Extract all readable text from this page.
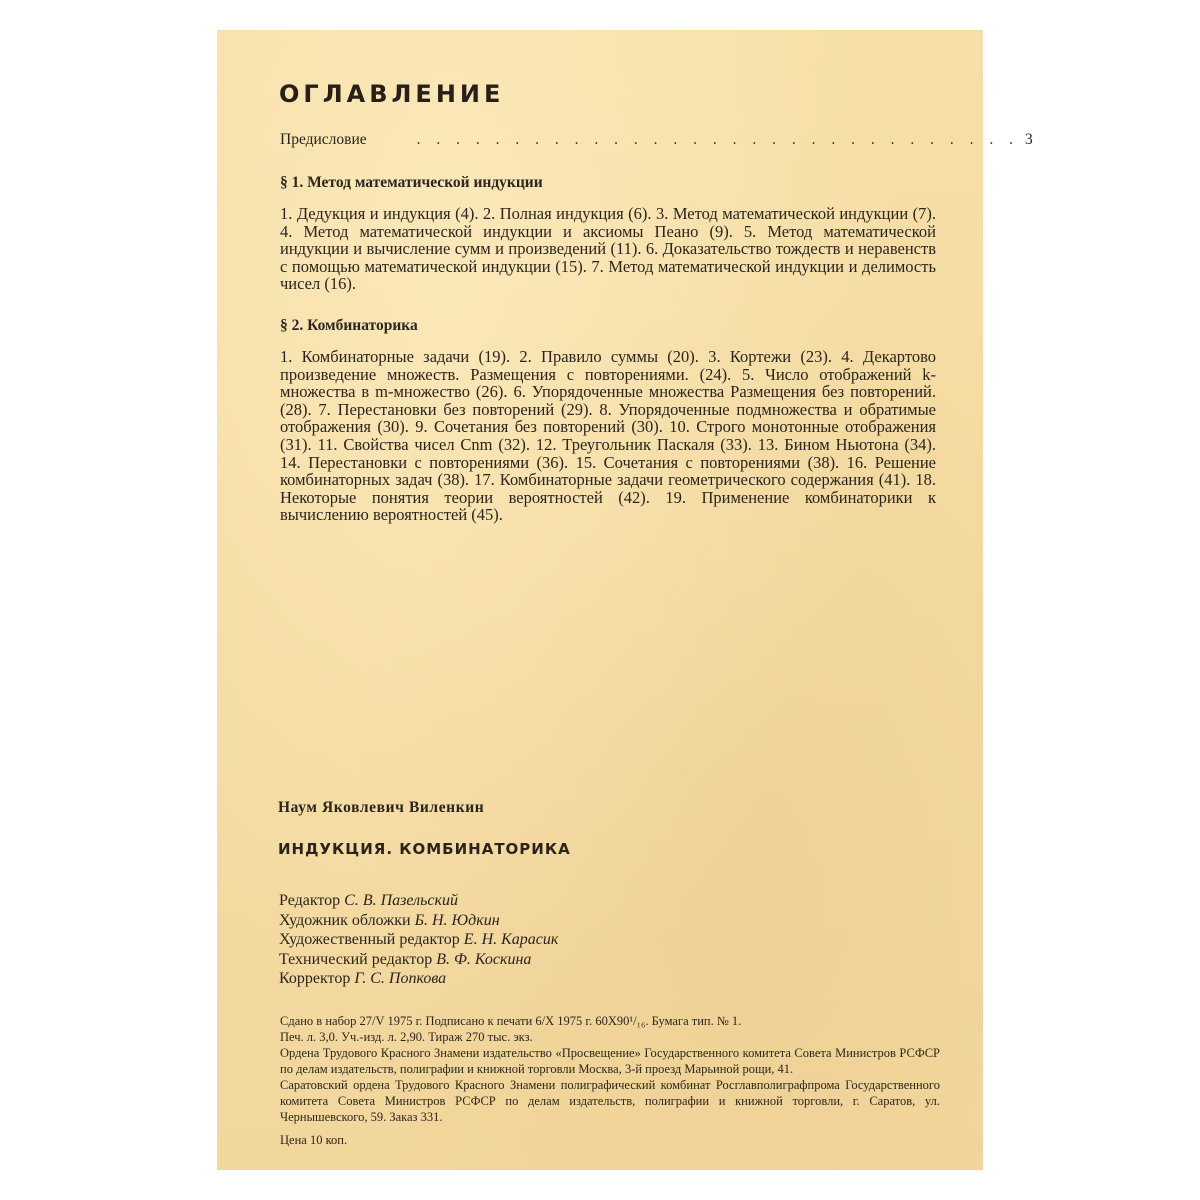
ОГЛАВЛЕНИЕ
Предисловие	. . . . . . . . . . . . . . . . . . . . . . . . . . . . . . . 3
§ 1. Метод математической индукции
1. Дедукция и индукция (4). 2. Полная индукция (6). 3. Метод математической индукции (7). 4. Метод математической индукции и аксиомы Пеано (9). 5. Метод математической индукции и вычисление сумм и произведений (11). 6. Доказательство тождеств и неравенств с помощью математической индукции (15). 7. Метод математической индукции и делимость чисел (16).
§ 2. Комбинаторика
1. Комбинаторные задачи (19). 2. Правило суммы (20). 3. Кортежи (23). 4. Декартово произведение множеств. Размещения с повторениями. (24). 5. Число отображений k-множества в m-множество (26). 6. Упорядоченные множества Размещения без повторений. (28). 7. Перестановки без повторений (29). 8. Упорядоченные подмножества и обратимые отображения (30). 9. Сочетания без повторений (30). 10. Строго монотонные отображения (31). 11. Свойства чисел Cnm (32). 12. Треугольник Паскаля (33). 13. Бином Ньютона (34). 14. Перестановки с повторениями (36). 15. Сочетания с повторениями (38). 16. Решение комбинаторных задач (38). 17. Комбинаторные задачи геометрического содержания (41). 18. Некоторые понятия теории вероятностей (42). 19. Применение комбинаторики к вычислению вероятностей (45).
Наум Яковлевич Виленкин
ИНДУКЦИЯ. КОМБИНАТОРИКА
Редактор С. В. Пазельский
Художник обложки Б. Н. Юдкин
Художественный редактор Е. Н. Карасик
Технический редактор В. Ф. Коскина
Корректор Г. С. Попкова
Сдано в набор 27/V 1975 г. Подписано к печати 6/X 1975 г. 60X90¹/₁₆. Бумага тип. № 1.
Печ. л. 3,0. Уч.-изд. л. 2,90. Тираж 270 тыс. экз.
Ордена Трудового Красного Знамени издательство «Просвещение» Государственного комитета Совета Министров РСФСР по делам издательств, полиграфии и книжной торговли Москва, 3-й проезд Марьиной рощи, 41.
Саратовский ордена Трудового Красного Знамени полиграфический комбинат Росглавполиграфпрома Государственного комитета Совета Министров РСФСР по делам издательств, полиграфии и книжной торговли, г. Саратов, ул. Чернышевского, 59. Заказ 331.
Цена 10 коп.
